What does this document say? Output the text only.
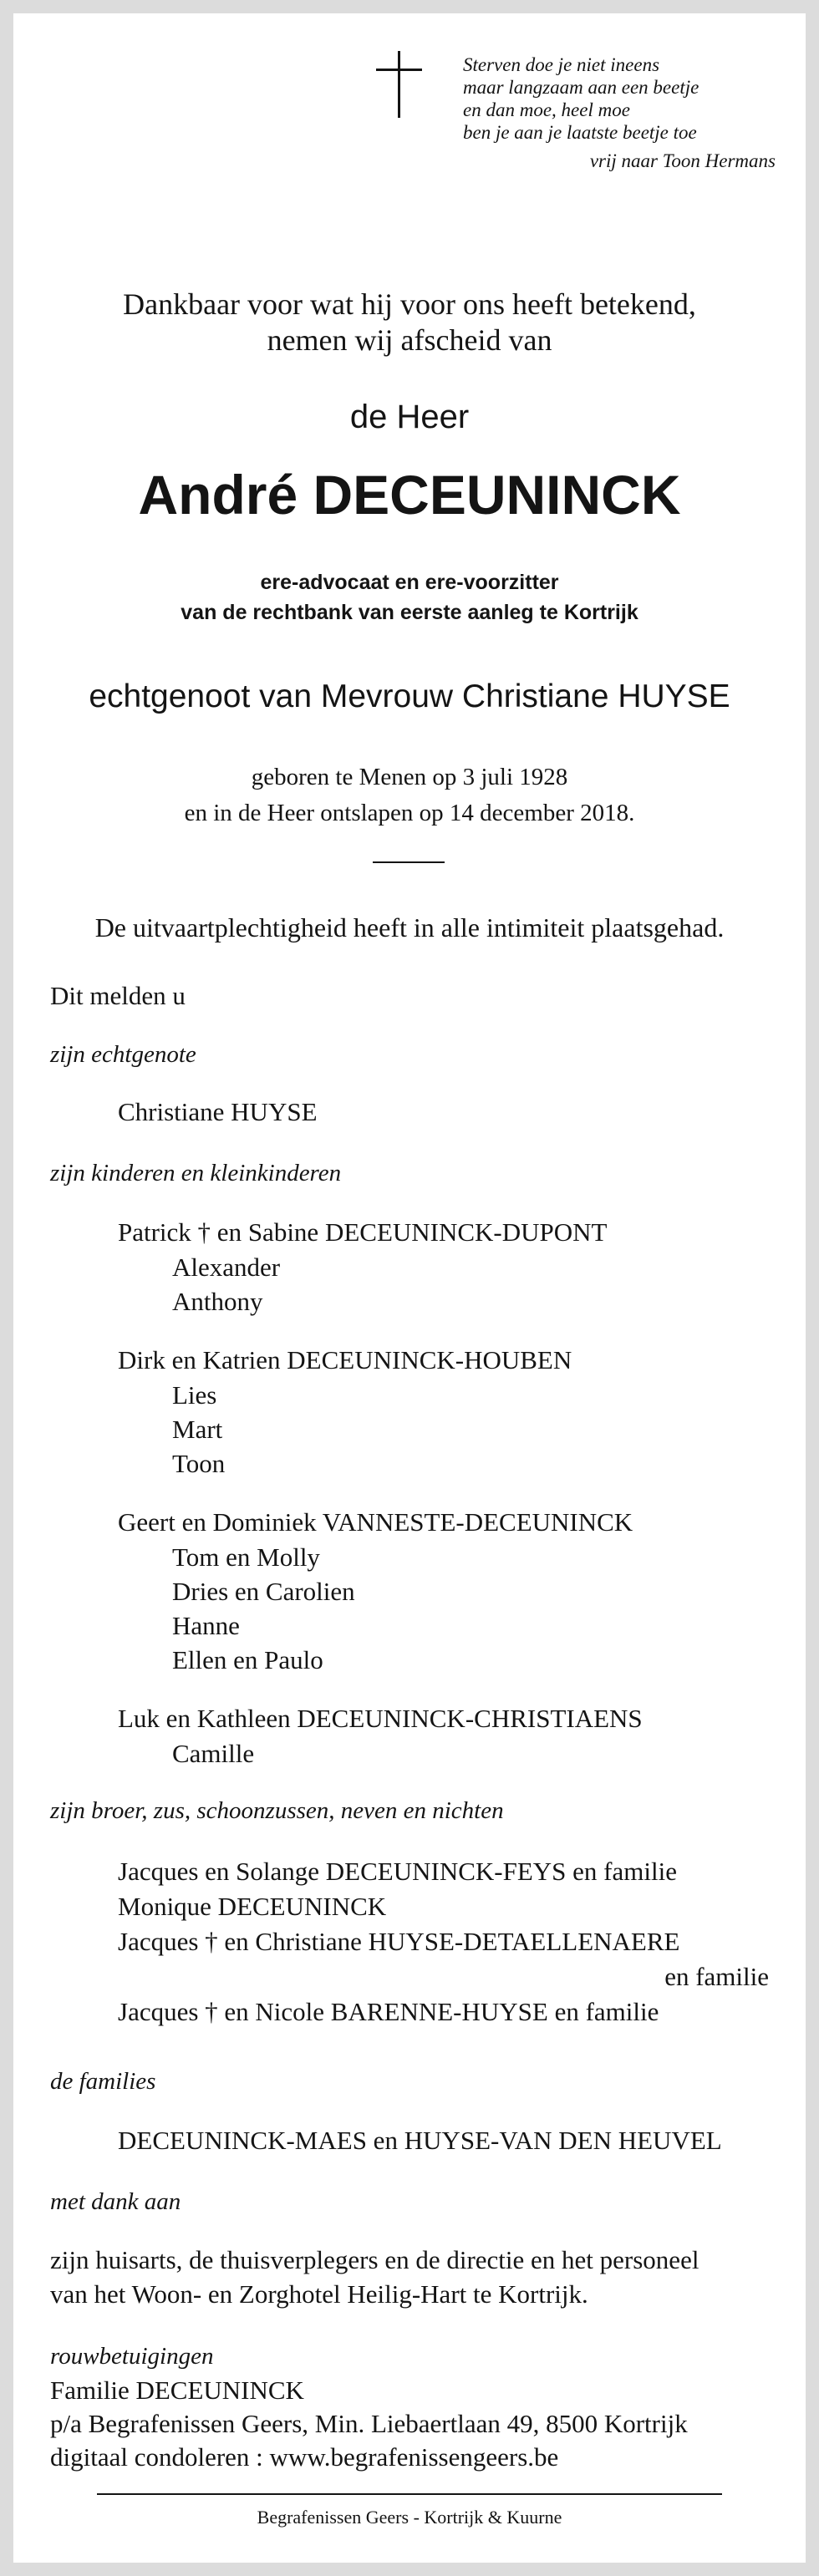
Sterven doe je niet ineens
maar langzaam aan een beetje
en dan moe, heel moe
ben je aan je laatste beetje toe
vrij naar Toon Hermans
Dankbaar voor wat hij voor ons heeft betekend,
nemen wij afscheid van
de Heer
André DECEUNINCK
ere-advocaat en ere-voorzitter
van de rechtbank van eerste aanleg te Kortrijk
echtgenoot van Mevrouw Christiane HUYSE
geboren te Menen op 3 juli 1928
en in de Heer ontslapen op 14 december 2018.
De uitvaartplechtigheid heeft in alle intimiteit plaatsgehad.
Dit melden u
zijn echtgenote
Christiane HUYSE
zijn kinderen en kleinkinderen
Patrick † en Sabine DECEUNINCK-DUPONT
Alexander
Anthony
Dirk en Katrien DECEUNINCK-HOUBEN
Lies
Mart
Toon
Geert en Dominiek VANNESTE-DECEUNINCK
Tom en Molly
Dries en Carolien
Hanne
Ellen en Paulo
Luk en Kathleen DECEUNINCK-CHRISTIAENS
Camille
zijn broer, zus, schoonzussen, neven en nichten
Jacques en Solange DECEUNINCK-FEYS en familie
Monique DECEUNINCK
Jacques † en Christiane HUYSE-DETAELLENAERE
en familie
Jacques † en Nicole BARENNE-HUYSE en familie
de families
DECEUNINCK-MAES en HUYSE-VAN DEN HEUVEL
met dank aan
zijn huisarts, de thuisverplegers en de directie en het personeel
van het Woon- en Zorghotel Heilig-Hart te Kortrijk.
rouwbetuigingen
Familie DECEUNINCK
p/a Begrafenissen Geers, Min. Liebaertlaan 49, 8500 Kortrijk
digitaal condoleren : www.begrafenissengeers.be
Begrafenissen Geers - Kortrijk & Kuurne
